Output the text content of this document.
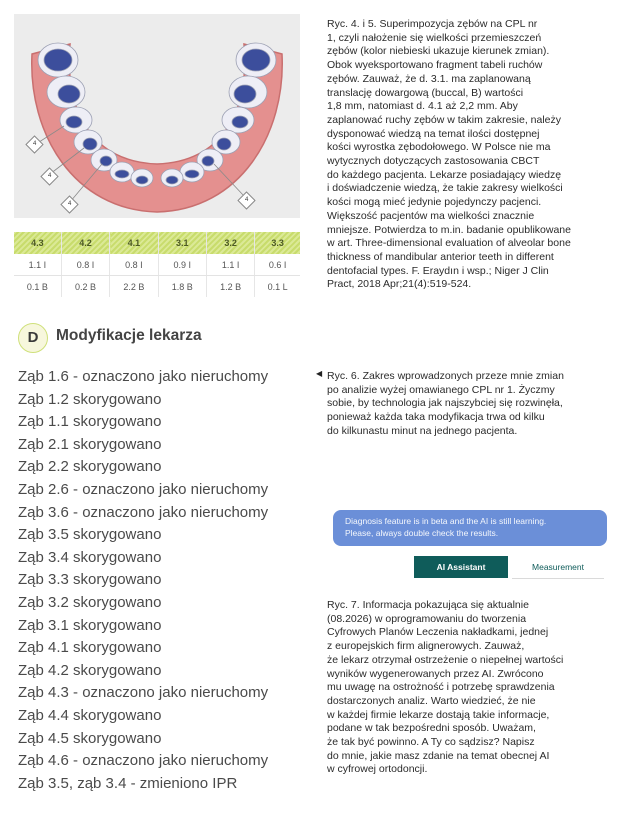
4
4
4
4
4.3	4.2	4.1	3.1	3.2	3.3
1.1 I	0.8 I	0.8 I	0.9 I	1.1 I	0.6 I
0.1 B	0.2 B	2.2 B	1.8 B	1.2 B	0.1 L

Ryc. 4. i 5. Superimpozycja zębów na CPL nr
1, czyli nałożenie się wielkości przemieszczeń
zębów (kolor niebieski ukazuje kierunek zmian).
Obok wyeksportowano fragment tabeli ruchów
zębów. Zauważ, że d. 3.1. ma zaplanowaną
translację dowargową (buccal, B) wartości
1,8 mm, natomiast d. 4.1 aż 2,2 mm. Aby
zaplanować ruchy zębów w takim zakresie, należy
dysponować wiedzą na temat ilości dostępnej
kości wyrostka zębodołowego. W Polsce nie ma
wytycznych dotyczących zastosowania CBCT
do każdego pacjenta. Lekarze posiadający wiedzę
i doświadczenie wiedzą, że takie zakresy wielkości
kości mogą mieć jedynie pojedynczy pacjenci.
Większość pacjentów ma wielkości znacznie
mniejsze. Potwierdza to m.in. badanie opublikowane
w art. Three-dimensional evaluation of alveolar bone
thickness of mandibular anterior teeth in different
dentofacial types. F. Eraydın i wsp.; Niger J Clin
Pract, 2018 Apr;21(4):519-524.

◀ Ryc. 6. Zakres wprowadzonych przeze mnie zmian
po analizie wyżej omawianego CPL nr 1. Życzmy
sobie, by technologia jak najszybciej się rozwinęła,
ponieważ każda taka modyfikacja trwa od kilku
do kilkunastu minut na jednego pacjenta.

D	Modyfikacje lekarza
Ząb 1.6 - oznaczono jako nieruchomy
Ząb 1.2 skorygowano
Ząb 1.1 skorygowano
Ząb 2.1 skorygowano
Ząb 2.2 skorygowano
Ząb 2.6 - oznaczono jako nieruchomy
Ząb 3.6 - oznaczono jako nieruchomy
Ząb 3.5 skorygowano
Ząb 3.4 skorygowano
Ząb 3.3 skorygowano
Ząb 3.2 skorygowano
Ząb 3.1 skorygowano
Ząb 4.1 skorygowano
Ząb 4.2 skorygowano
Ząb 4.3 - oznaczono jako nieruchomy
Ząb 4.4 skorygowano
Ząb 4.5 skorygowano
Ząb 4.6 - oznaczono jako nieruchomy
Ząb 3.5, ząb 3.4 - zmieniono IPR
Diagnosis feature is in beta and the AI is still learning.
Please, always double check the results.
AI Assistant	Measurement

Ryc. 7. Informacja pokazująca się aktualnie
(08.2026) w oprogramowaniu do tworzenia
Cyfrowych Planów Leczenia nakładkami, jednej
z europejskich firm alignerowych. Zauważ,
że lekarz otrzymał ostrzeżenie o niepełnej wartości
wyników wygenerowanych przez AI. Zwrócono
mu uwagę na ostrożność i potrzebę sprawdzenia
dostarczonych analiz. Warto wiedzieć, że nie
w każdej firmie lekarze dostają takie informacje,
podane w tak bezpośredni sposób. Uważam,
że tak być powinno. A Ty co sądzisz? Napisz
do mnie, jakie masz zdanie na temat obecnej AI
w cyfrowej ortodoncji.
